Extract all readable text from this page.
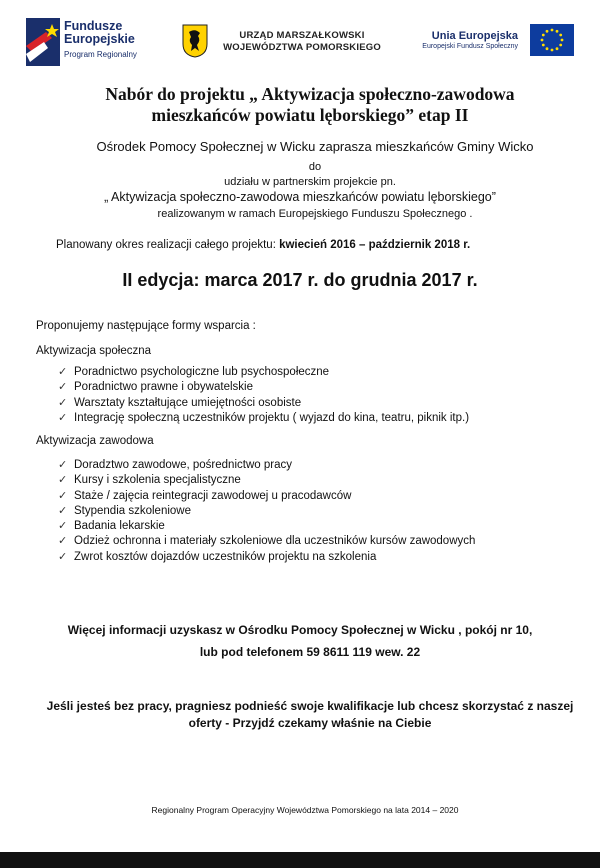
Fundusze
Europejskie
Program Regionalny
URZĄD MARSZAŁKOWSKI
WOJEWÓDZTWA POMORSKIEGO
Unia Europejska
Europejski Fundusz Społeczny
Nabór do projektu „ Aktywizacja społeczno-zawodowa
mieszkańców powiatu lęborskiego” etap II
Ośrodek Pomocy Społecznej w Wicku zaprasza mieszkańców Gminy Wicko
do
udziału w partnerskim projekcie pn.
„ Aktywizacja społeczno-zawodowa mieszkańców powiatu lęborskiego”
realizowanym w ramach Europejskiego Funduszu Społecznego .
Planowany okres realizacji całego projektu: kwiecień 2016 – październik 2018 r.
II edycja: marca 2017 r. do grudnia 2017 r.
Proponujemy następujące formy wsparcia :
Aktywizacja społeczna
✓ Poradnictwo psychologiczne lub psychospołeczne
✓ Poradnictwo prawne i obywatelskie
✓ Warsztaty kształtujące umiejętności osobiste
✓ Integrację społeczną uczestników projektu ( wyjazd do kina, teatru, piknik itp.)
Aktywizacja zawodowa
✓ Doradztwo zawodowe, pośrednictwo pracy
✓ Kursy i szkolenia specjalistyczne
✓ Staże / zajęcia reintegracji zawodowej u pracodawców
✓ Stypendia szkoleniowe
✓ Badania lekarskie
✓ Odzież ochronna i materiały szkoleniowe dla uczestników kursów zawodowych
✓ Zwrot kosztów dojazdów uczestników projektu na szkolenia
Więcej informacji uzyskasz w Ośrodku Pomocy Społecznej w Wicku , pokój nr 10,
lub pod telefonem 59 8611 119 wew. 22
Jeśli jesteś bez pracy, pragniesz podnieść swoje kwalifikacje lub chcesz skorzystać z naszej oferty - Przyjdź czekamy właśnie na Ciebie
Regionalny Program Operacyjny Województwa Pomorskiego na lata 2014 – 2020
